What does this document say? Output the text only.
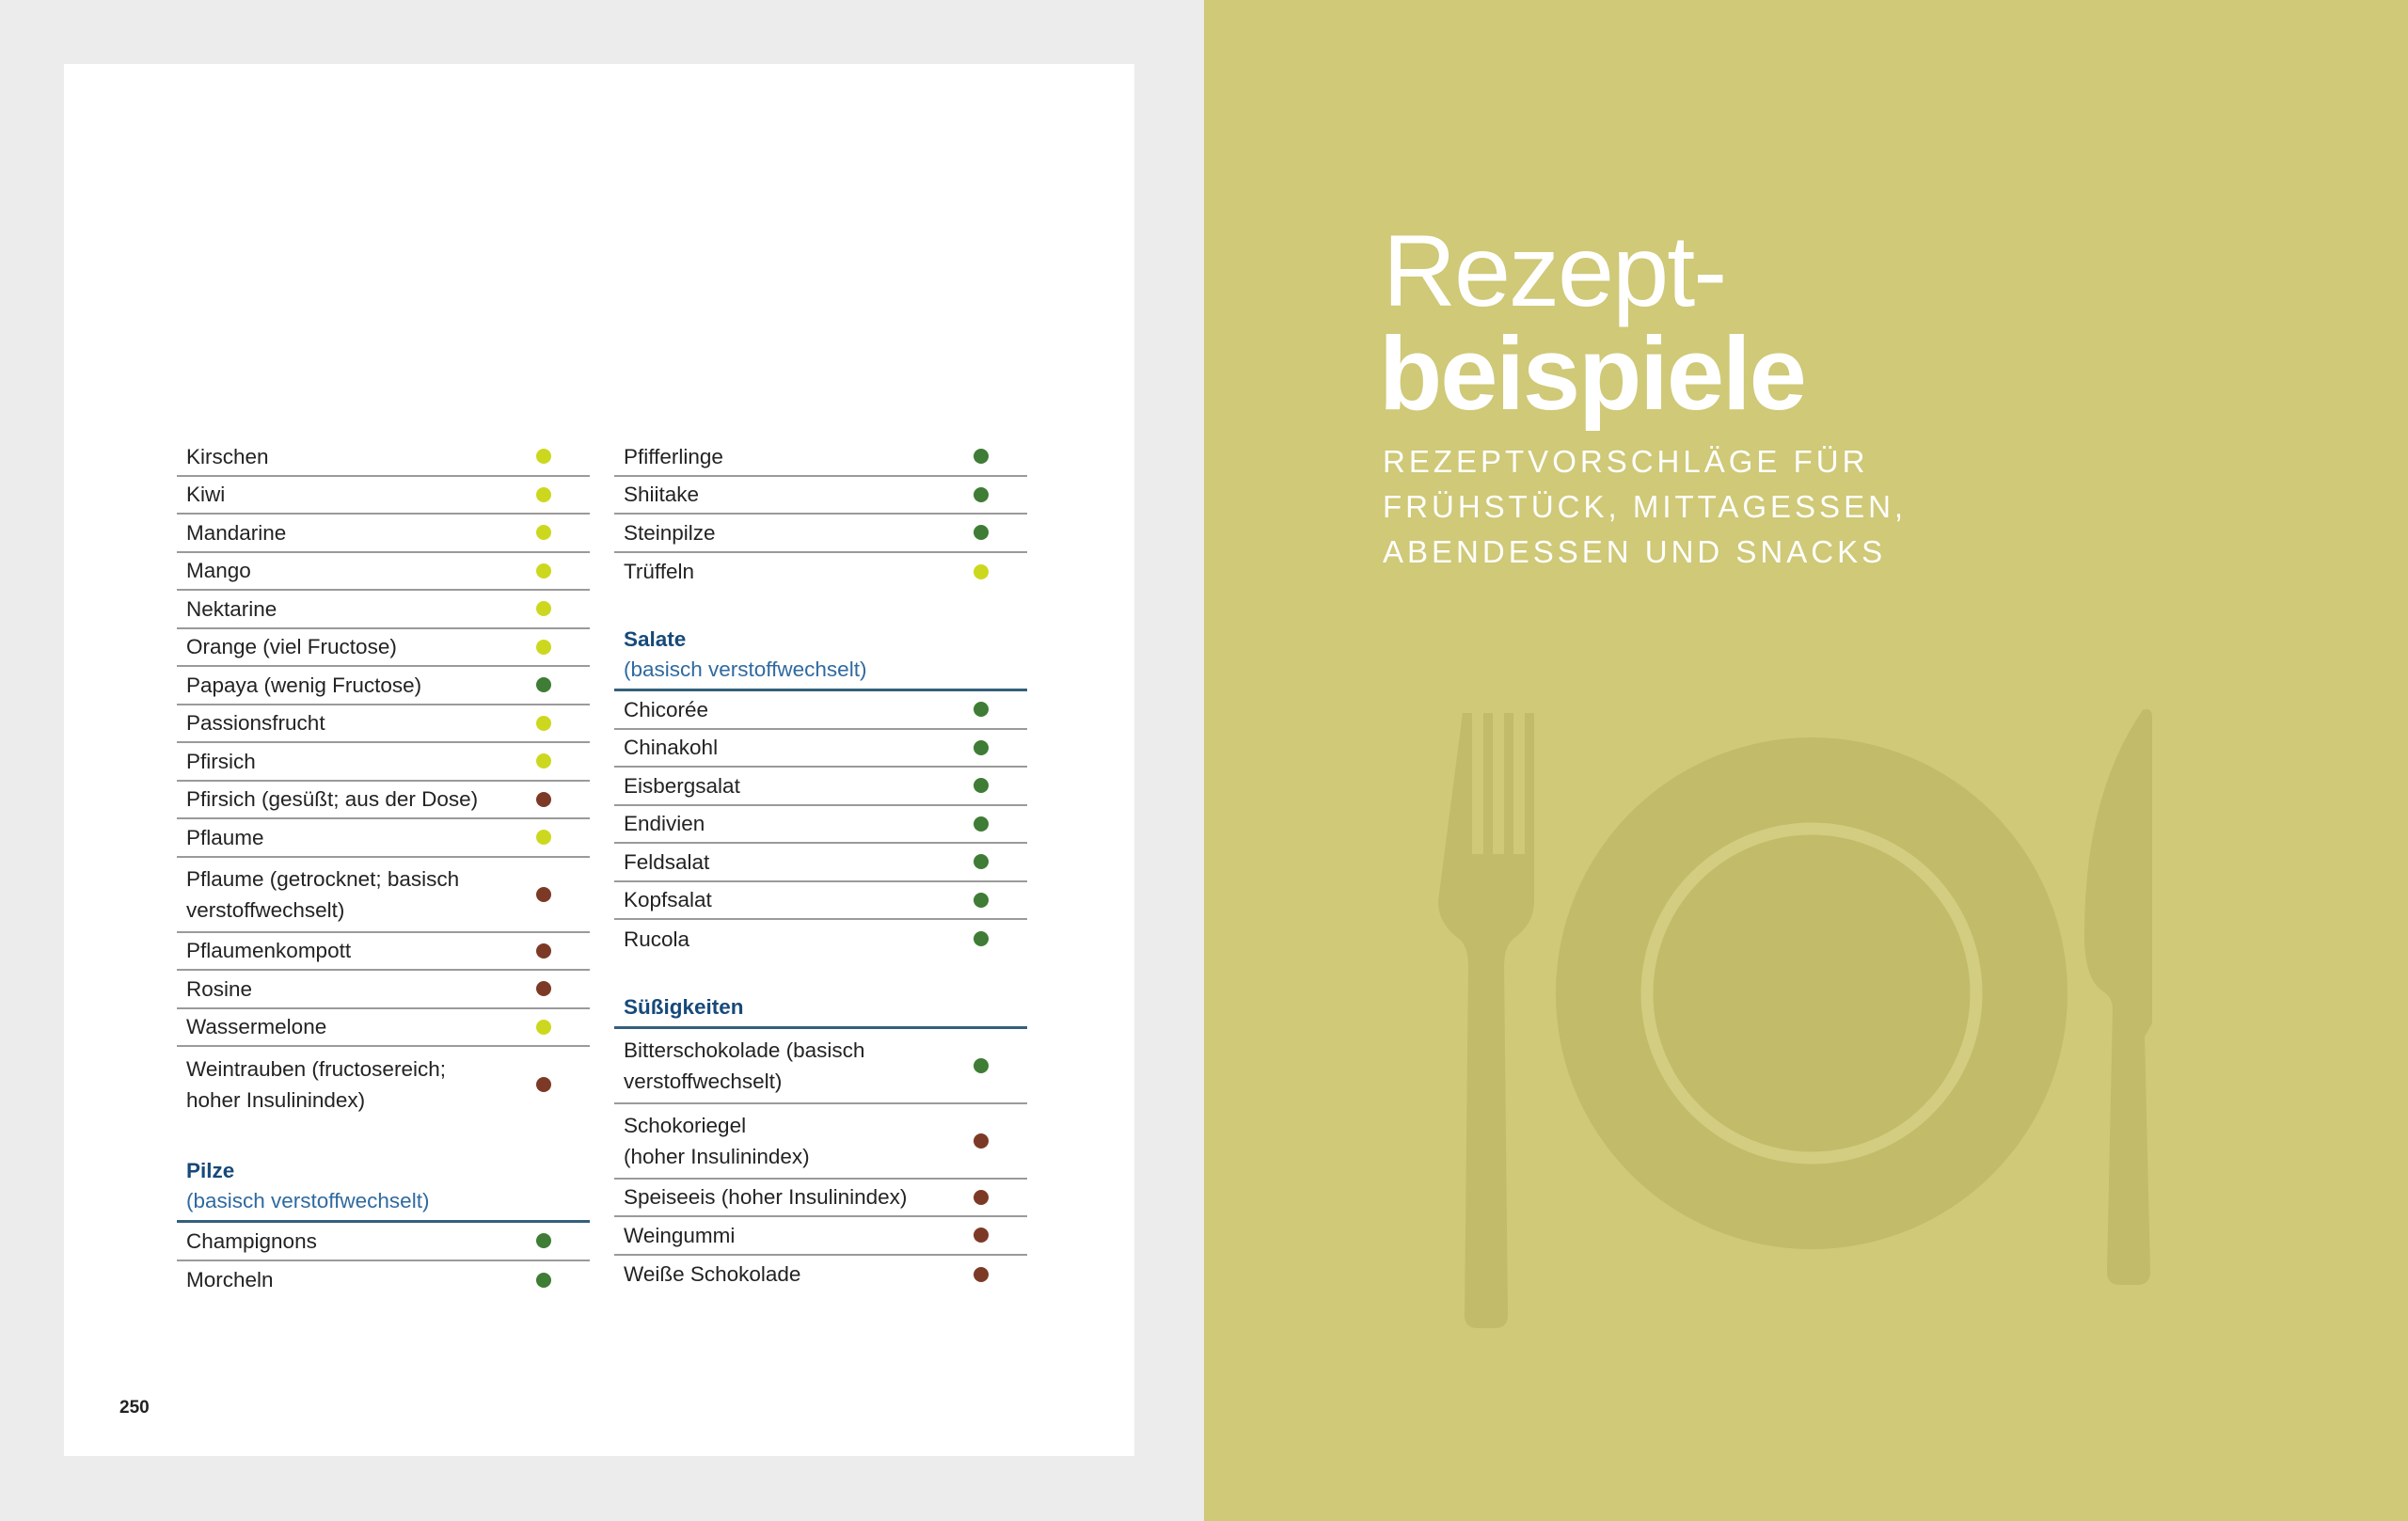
Kirschen
Kiwi
Mandarine
Mango
Nektarine
Orange (viel Fructose)
Papaya (wenig Fructose)
Passionsfrucht
Pfirsich
Pfirsich (gesüßt; aus der Dose)
Pflaume
Pflaume (getrocknet; basisch
verstoffwechselt)
Pflaumenkompott
Rosine
Wassermelone
Weintrauben (fructosereich;
hoher Insulinindex)
Pilze
(basisch verstoffwechselt)
Champignons
Morcheln
Pfifferlinge
Shiitake
Steinpilze
Trüffeln
Salate
(basisch verstoffwechselt)
Chicorée
Chinakohl
Eisbergsalat
Endivien
Feldsalat
Kopfsalat
Rucola
Süßigkeiten
Bitterschokolade (basisch
verstoffwechselt)
Schokoriegel
(hoher Insulinindex)
Speiseeis (hoher Insulinindex)
Weingummi
Weiße Schokolade
250
Rezept-
beispiele
REZEPTVORSCHLÄGE FÜR
FRÜHSTÜCK, MITTAGESSEN,
ABENDESSEN UND SNACKS
